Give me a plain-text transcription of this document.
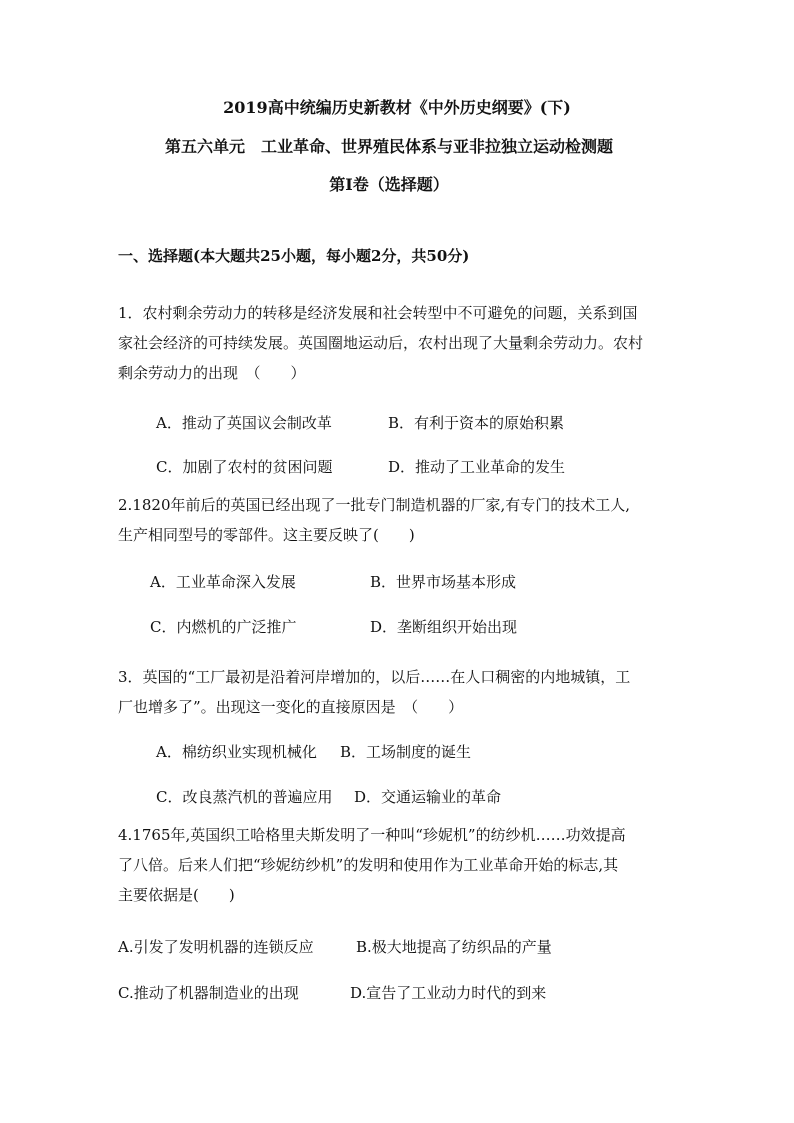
2019高中统编历史新教材《中外历史纲要》(下)
第五六单元　工业革命、世界殖民体系与亚非拉独立运动检测题
第Ⅰ卷（选择题）
一、选择题(本大题共25小题，每小题2分，共50分)
1．农村剩余劳动力的转移是经济发展和社会转型中不可避免的问题，关系到国
家社会经济的可持续发展。英国圈地运动后，农村出现了大量剩余劳动力。农村
剩余劳动力的出现　（　　）
A．推动了英国议会制改革	B．有利于资本的原始积累
C．加剧了农村的贫困问题	D．推动了工业革命的发生
2.1820年前后的英国已经出现了一批专门制造机器的厂家,有专门的技术工人,
生产相同型号的零部件。这主要反映了(　　)
A．工业革命深入发展	B．世界市场基本形成
C．内燃机的广泛推广	D．垄断组织开始出现
3．英国的“工厂最初是沿着河岸增加的，以后……在人口稠密的内地城镇，工
厂也增多了”。出现这一变化的直接原因是　（　　）
A．棉纺织业实现机械化 B．工场制度的诞生
C．改良蒸汽机的普遍应用 D．交通运输业的革命
4.1765年,英国织工哈格里夫斯发明了一种叫“珍妮机”的纺纱机……功效提高
了八倍。后来人们把“珍妮纺纱机”的发明和使用作为工业革命开始的标志,其
主要依据是(　　)
A.引发了发明机器的连锁反应	B.极大地提高了纺织品的产量
C.推动了机器制造业的出现	D.宣告了工业动力时代的到来
